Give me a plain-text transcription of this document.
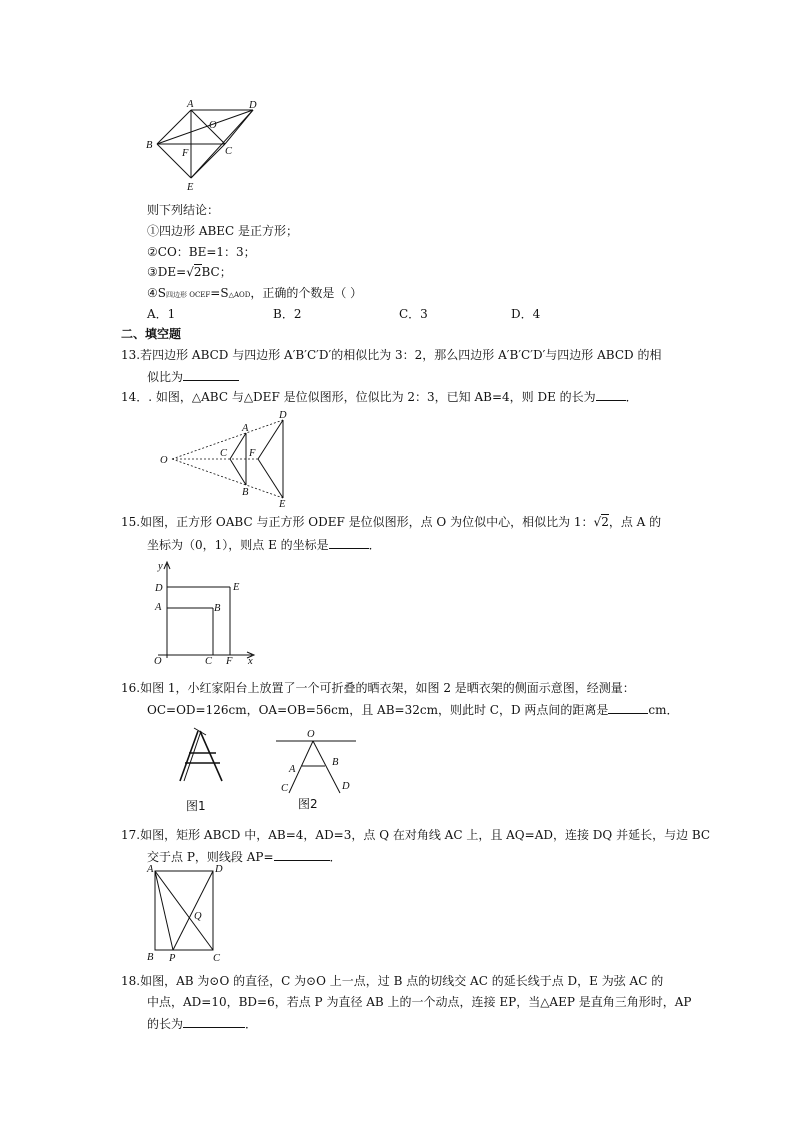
A	D
O
B
F	C
E
则下列结论：
①四边形 ABEC 是正方形；
②CO：BE=1：3；
③DE=√2BC；
④S四边形 OCEF=S△AOD，正确的个数是（ ）
A．1	B．2	C．3	D．4
二、填空题
13.若四边形 ABCD 与四边形 A′B′C′D′的相似比为 3：2，那么四边形 A′B′C′D′与四边形 ABCD 的相
似比为
14．. 如图，△ABC 与△DEF 是位似图形，位似比为 2：3，已知 AB=4，则 DE 的长为	．
O
A
D
C F
B
E
15.如图，正方形 OABC 与正方形 ODEF 是位似图形，点 O 为位似中心，相似比为 1：√2，点 A 的
坐标为（0，1），则点 E 的坐标是	．
y
D	E
A	B
O	C F x
16.如图 1，小红家阳台上放置了一个可折叠的晒衣架，如图 2 是晒衣架的侧面示意图，经测量：
OC=OD=126cm，OA=OB=56cm，且 AB=32cm，则此时 C，D 两点间的距离是	cm．
图1
O
A
B
C	D
图2
17.如图，矩形 ABCD 中，AB=4，AD=3，点 Q 在对角线 AC 上，且 AQ=AD，连接 DQ 并延长，与边 BC
交于点 P，则线段 AP=	．
A	D
Q
B P	C
18.如图，AB 为⊙O 的直径，C 为⊙O 上一点，过 B 点的切线交 AC 的延长线于点 D，E 为弦 AC 的
中点，AD=10，BD=6，若点 P 为直径 AB 上的一个动点，连接 EP，当△AEP 是直角三角形时，AP
的长为	．
